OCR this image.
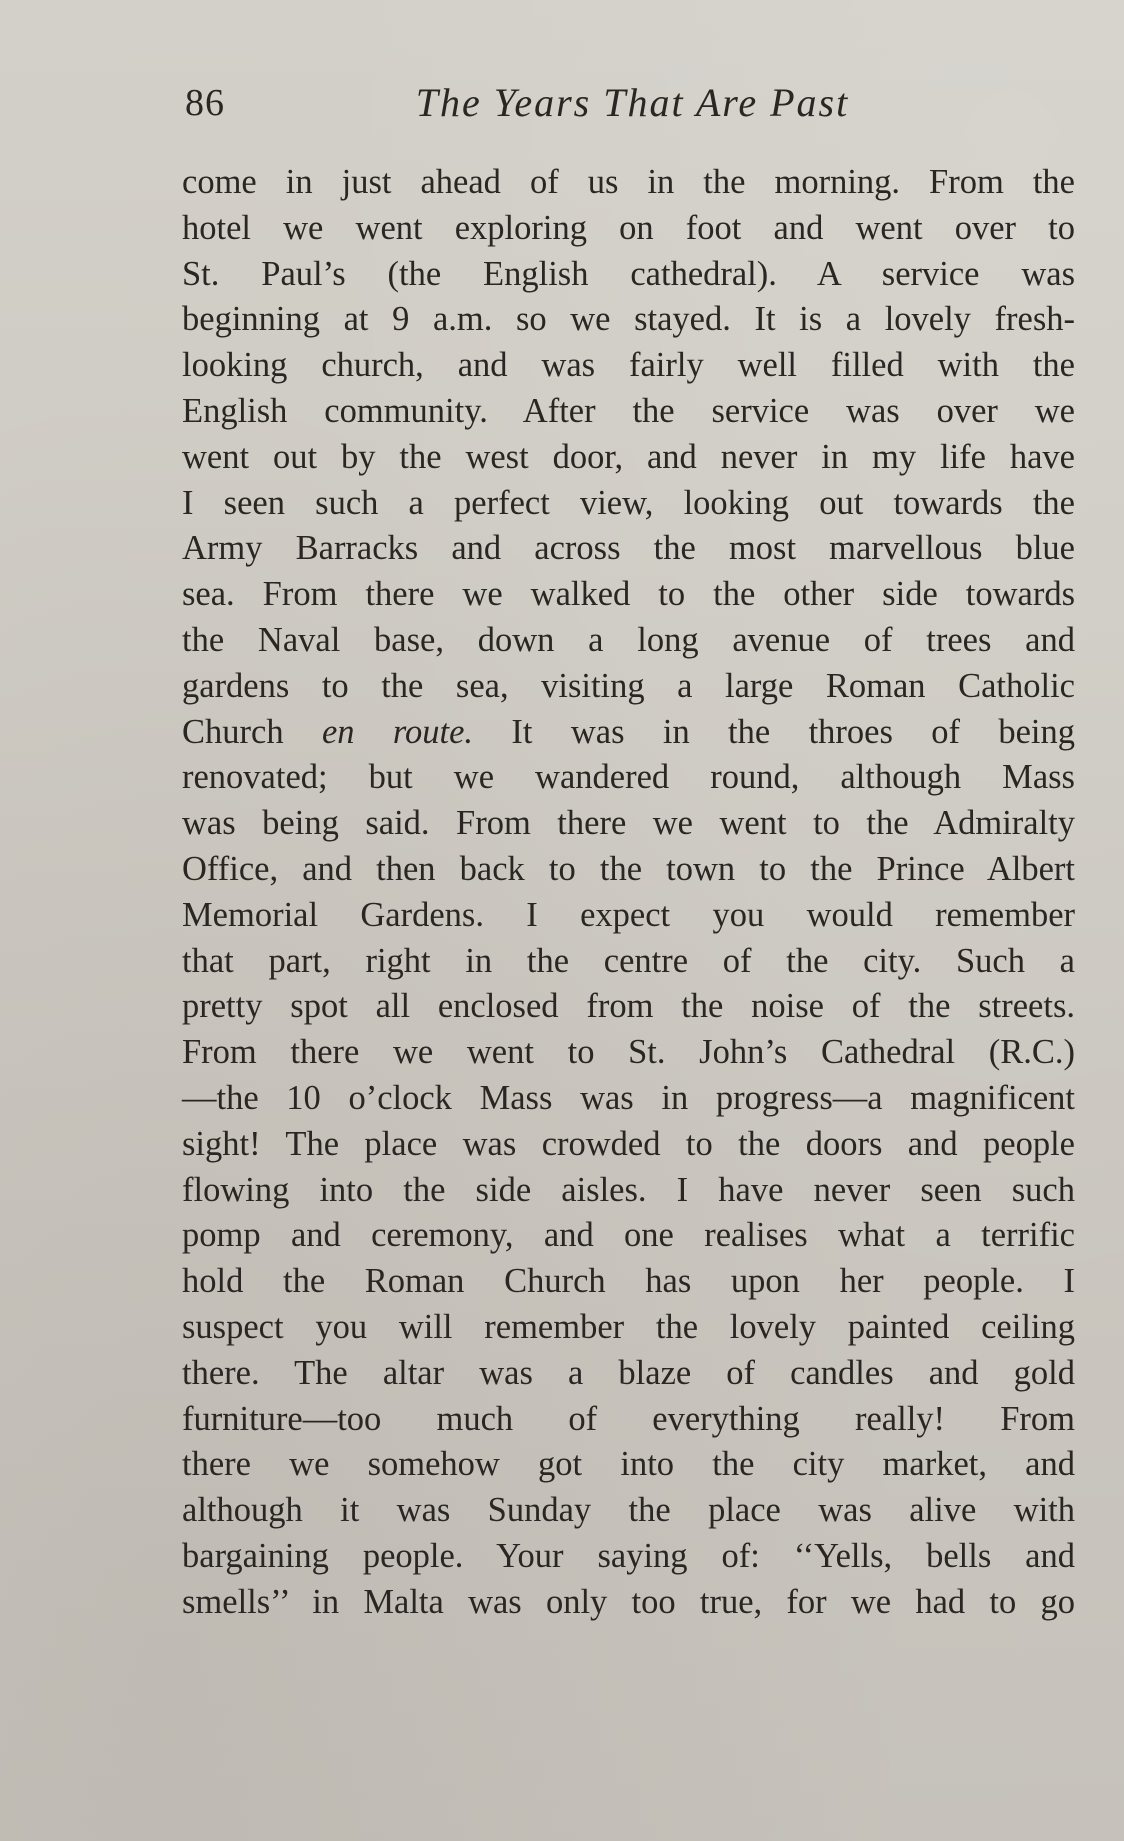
86	The Years That Are Past
come in just ahead of us in the morning. From the
hotel we went exploring on foot and went over to
St. Paul’s (the English cathedral). A service was
beginning at 9 a.m. so we stayed. It is a lovely fresh-
looking church, and was fairly well filled with the
English community. After the service was over we
went out by the west door, and never in my life have
I seen such a perfect view, looking out towards the
Army Barracks and across the most marvellous blue
sea. From there we walked to the other side towards
the Naval base, down a long avenue of trees and
gardens to the sea, visiting a large Roman Catholic
Church en route. It was in the throes of being
renovated; but we wandered round, although Mass
was being said. From there we went to the Admiralty
Office, and then back to the town to the Prince Albert
Memorial Gardens. I expect you would remember
that part, right in the centre of the city. Such a
pretty spot all enclosed from the noise of the streets.
From there we went to St. John’s Cathedral (R.C.)
—the 10 o’clock Mass was in progress—a magnificent
sight! The place was crowded to the doors and people
flowing into the side aisles. I have never seen such
pomp and ceremony, and one realises what a terrific
hold the Roman Church has upon her people. I
suspect you will remember the lovely painted ceiling
there. The altar was a blaze of candles and gold
furniture—too much of everything really! From
there we somehow got into the city market, and
although it was Sunday the place was alive with
bargaining people. Your saying of: ‘‘Yells, bells and
smells’’ in Malta was only too true, for we had to go
